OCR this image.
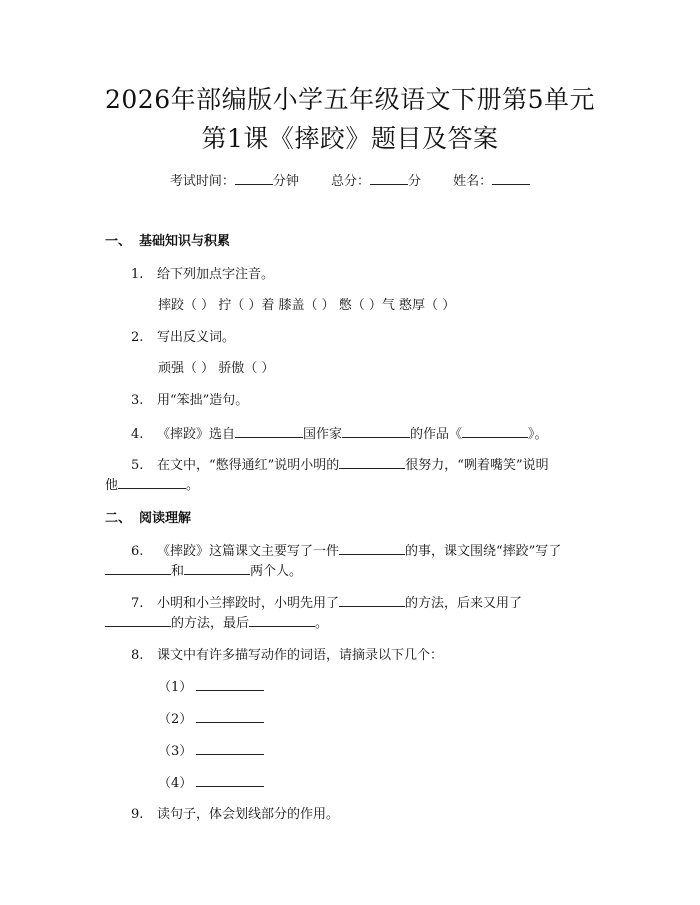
2026年部编版小学五年级语文下册第5单元
第1课《摔跤》题目及答案
考试时间：	分钟 总分：	分 姓名：
一、 基础知识与积累
1. 给下列加点字注音。
摔跤（ ） 拧（ ）着 膝盖（ ） 憋（ ）气 憨厚（ ）
2. 写出反义词。
顽强（ ） 骄傲（ ）
3. 用“笨拙”造句。
4. 《摔跤》选自	国作家	的作品《	》。
5. 在文中，“憋得通红”说明小明的	很努力，“咧着嘴笑”说明
他	。
二、 阅读理解
6. 《摔跤》这篇课文主要写了一件	的事，课文围绕“摔跤”写了
和	两个人。
7. 小明和小兰摔跤时，小明先用了	的方法，后来又用了
的方法，最后	。
8. 课文中有许多描写动作的词语，请摘录以下几个：
（1）
（2）
（3）
（4）
9. 读句子，体会划线部分的作用。
